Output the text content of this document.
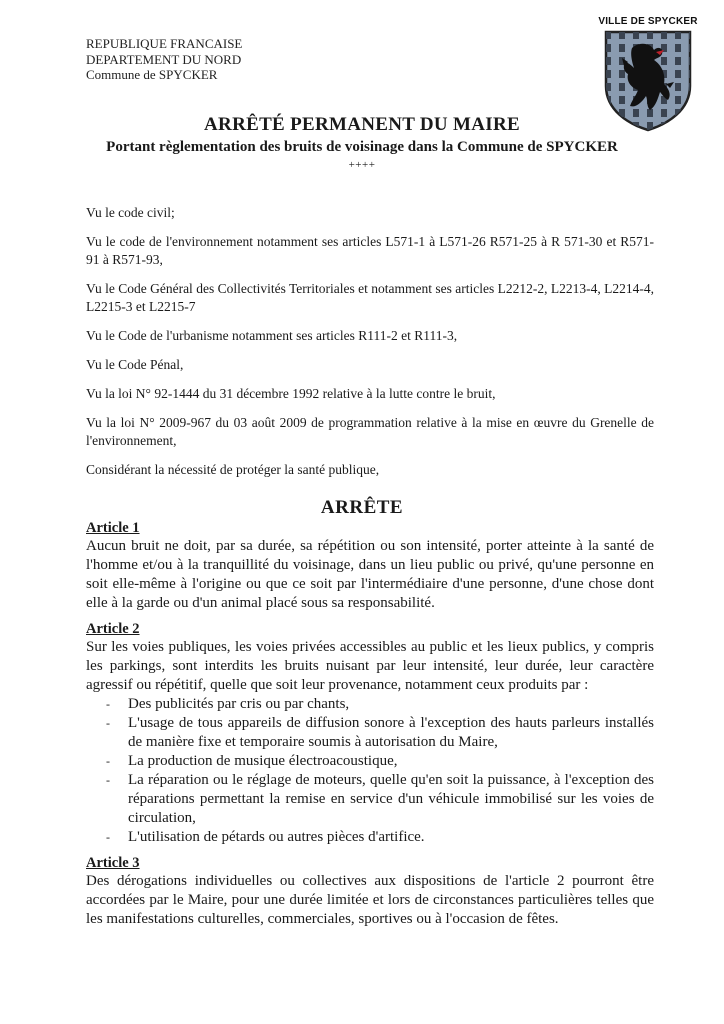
REPUBLIQUE FRANCAISE
DEPARTEMENT DU NORD
Commune de SPYCKER
VILLE DE SPYCKER
ARRÊTÉ PERMANENT DU MAIRE
Portant règlementation des bruits de voisinage dans la Commune de SPYCKER
++++

Vu le code civil;

Vu le code de l'environnement notamment ses articles L571-1 à L571-26 R571-25 à R 571-30 et R571-91 à R571-93,

Vu le Code Général des Collectivités Territoriales et notamment ses articles L2212-2, L2213-4, L2214-4, L2215-3 et L2215-7

Vu le Code de l'urbanisme notamment ses articles R111-2 et R111-3,

Vu le Code Pénal,

Vu la loi N° 92-1444 du 31 décembre 1992 relative à la lutte contre le bruit,

Vu la loi N° 2009-967 du 03 août 2009 de programmation relative à la mise en œuvre du Grenelle de l'environnement,

Considérant la nécessité de protéger la santé publique,

ARRÊTE
Article 1

Aucun bruit ne doit, par sa durée, sa répétition ou son intensité, porter atteinte à la santé de l'homme et/ou à la tranquillité du voisinage, dans un lieu public ou privé, qu'une personne en soit elle-même à l'origine ou que ce soit par l'intermédiaire d'une personne, d'une chose dont elle à la garde ou d'un animal placé sous sa responsabilité.

Article 2

Sur les voies publiques, les voies privées accessibles au public et les lieux publics, y compris les parkings, sont interdits les bruits nuisant par leur intensité, leur durée, leur caractère agressif ou répétitif, quelle que soit leur provenance, notamment ceux produits par :

- Des publicités par cris ou par chants,
- L'usage de tous appareils de diffusion sonore à l'exception des hauts parleurs installés de manière fixe et temporaire soumis à autorisation du Maire,
- La production de musique électroacoustique,
- La réparation ou le réglage de moteurs, quelle qu'en soit la puissance, à l'exception des réparations permettant la remise en service d'un véhicule immobilisé sur les voies de circulation,
- L'utilisation de pétards ou autres pièces d'artifice.
Article 3

Des dérogations individuelles ou collectives aux dispositions de l'article 2 pourront être accordées par le Maire, pour une durée limitée et lors de circonstances particulières telles que les manifestations culturelles, commerciales, sportives ou à l'occasion de fêtes.
